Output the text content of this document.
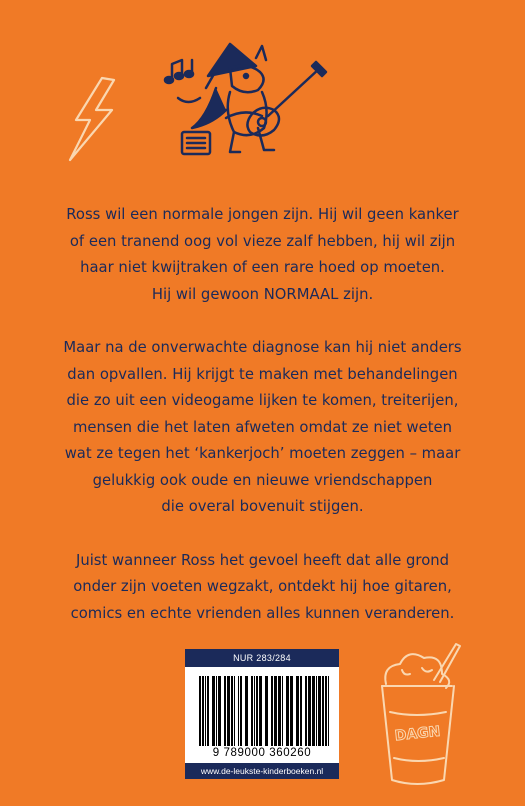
Ross wil een normale jongen zijn. Hij wil geen kanker
of een tranend oog vol vieze zalf hebben, hij wil zijn
haar niet kwijtraken of een rare hoed op moeten.
Hij wil gewoon NORMAAL zijn.

Maar na de onverwachte diagnose kan hij niet anders
dan opvallen. Hij krijgt te maken met behandelingen
die zo uit een videogame lijken te komen, treiterijen,
mensen die het laten afweten omdat ze niet weten
wat ze tegen het ‘kankerjoch’ moeten zeggen – maar
gelukkig ook oude en nieuwe vriendschappen
die overal bovenuit stijgen.

Juist wanneer Ross het gevoel heeft dat alle grond
onder zijn voeten wegzakt, ontdekt hij hoe gitaren,
comics en echte vrienden alles kunnen veranderen.

NUR 283/284
9 789000 360260
www.de-leukste-kinderboeken.nl
DAGN
